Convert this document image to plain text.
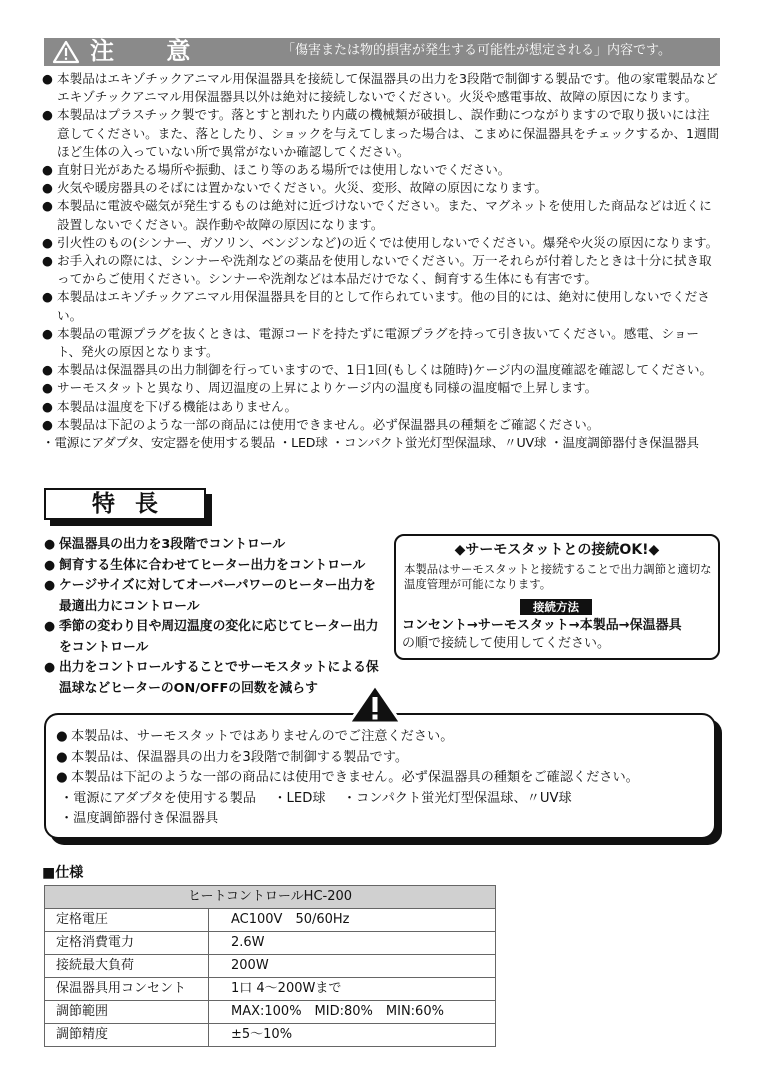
注 意	「傷害または物的損害が発生する可能性が想定される」内容です。
● 本製品はエキゾチックアニマル用保温器具を接続して保温器具の出力を3段階で制御する製品です。他の家電製品などエキゾチックアニマル用保温器具以外は絶対に接続しないでください。火災や感電事故、故障の原因になります。
● 本製品はプラスチック製です。落とすと割れたり内蔵の機械類が破損し、誤作動につながりますので取り扱いには注意してください。また、落としたり、ショックを与えてしまった場合は、こまめに保温器具をチェックするか、1週間ほど生体の入っていない所で異常がないか確認してください。
● 直射日光があたる場所や振動、ほこり等のある場所では使用しないでください。
● 火気や暖房器具のそばには置かないでください。火災、変形、故障の原因になります。
● 本製品に電波や磁気が発生するものは絶対に近づけないでください。また、マグネットを使用した商品などは近くに設置しないでください。誤作動や故障の原因になります。
● 引火性のもの(シンナー、ガソリン、ベンジンなど)の近くでは使用しないでください。爆発や火災の原因になります。
● お手入れの際には、シンナーや洗剤などの薬品を使用しないでください。万一それらが付着したときは十分に拭き取ってからご使用ください。シンナーや洗剤などは本品だけでなく、飼育する生体にも有害です。
● 本製品はエキゾチックアニマル用保温器具を目的として作られています。他の目的には、絶対に使用しないでください。
● 本製品の電源プラグを抜くときは、電源コードを持たずに電源プラグを持って引き抜いてください。感電、ショート、発火の原因となります。
● 本製品は保温器具の出力制御を行っていますので、1日1回(もしくは随時)ケージ内の温度確認を確認してください。
● サーモスタットと異なり、周辺温度の上昇によりケージ内の温度も同様の温度幅で上昇します。
● 本製品は温度を下げる機能はありません。
● 本製品は下記のような一部の商品には使用できません。必ず保温器具の種類をご確認ください。
・電源にアダプタ、安定器を使用する製品 ・LED球 ・コンパクト蛍光灯型保温球、〃UV球 ・温度調節器付き保温器具
特長
● 保温器具の出力を3段階でコントロール
● 飼育する生体に合わせてヒーター出力をコントロール
● ケージサイズに対してオーバーパワーのヒーター出力を最適出力にコントロール
● 季節の変わり目や周辺温度の変化に応じてヒーター出力をコントロール
● 出力をコントロールすることでサーモスタットによる保温球などヒーターのON/OFFの回数を減らす
◆サーモスタットとの接続OK!◆
本製品はサーモスタットと接続することで出力調節と適切な温度管理が可能になります。
接続方法
コンセント→サーモスタット→本製品→保温器具
の順で接続して使用してください。
● 本製品は、サーモスタットではありませんのでご注意ください。
● 本製品は、保温器具の出力を3段階で制御する製品です。
● 本製品は下記のような一部の商品には使用できません。必ず保温器具の種類をご確認ください。
・電源にアダプタを使用する製品　 ・LED球　 ・コンパクト蛍光灯型保温球、〃UV球
・温度調節器付き保温器具
■仕様
ヒートコントロールHC-200	
定格電圧	AC100V　50/60Hz
定格消費電力	2.6W
接続最大負荷	200W
保温器具用コンセント	1口 4～200Wまで
調節範囲	MAX:100%　MID:80%　MIN:60%
調節精度	±5～10%
